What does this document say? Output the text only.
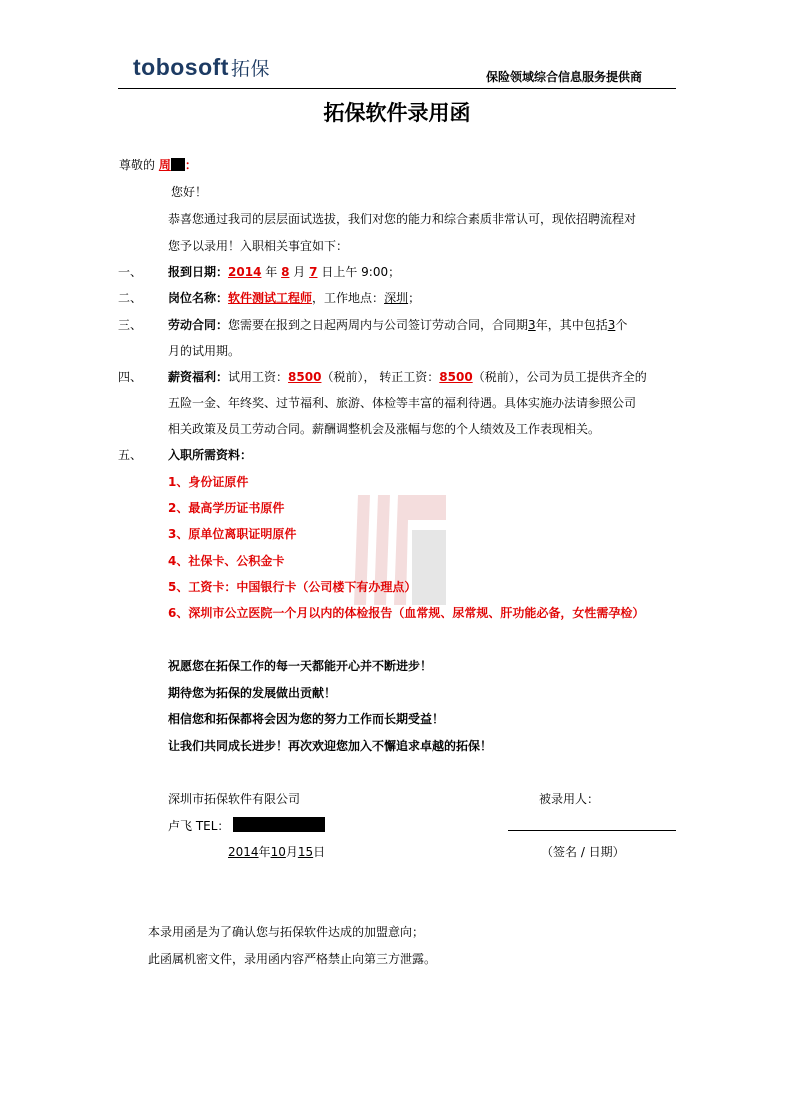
tobosoft 拓保	保险领域综合信息服务提供商
拓保软件录用函
尊敬的 周 ：
您好！
恭喜您通过我司的层层面试选拔，我们对您的能力和综合素质非常认可，现依招聘流程对
您予以录用！入职相关事宜如下：
一、 报到日期：2014 年 8 月 7 日上午 9:00；
二、 岗位名称：软件测试工程师，工作地点：深圳；
三、 劳动合同：您需要在报到之日起两周内与公司签订劳动合同，合同期3年，其中包括3个
月的试用期。
四、 薪资福利：试用工资：8500（税前）， 转正工资：8500（税前），公司为员工提供齐全的
五险一金、年终奖、过节福利、旅游、体检等丰富的福利待遇。具体实施办法请参照公司
相关政策及员工劳动合同。薪酬调整机会及涨幅与您的个人绩效及工作表现相关。
五、 入职所需资料：
1、身份证原件
2、最高学历证书原件
3、原单位离职证明原件
4、社保卡、公积金卡
5、工资卡：中国银行卡（公司楼下有办理点）
6、深圳市公立医院一个月以内的体检报告（血常规、尿常规、肝功能必备，女性需孕检）
祝愿您在拓保工作的每一天都能开心并不断进步！
期待您为拓保的发展做出贡献！
相信您和拓保都将会因为您的努力工作而长期受益！
让我们共同成长进步！再次欢迎您加入不懈追求卓越的拓保！
深圳市拓保软件有限公司	被录用人：
卢飞 TEL：
2014年10月15日	（签名 / 日期）
本录用函是为了确认您与拓保软件达成的加盟意向；
此函属机密文件，录用函内容严格禁止向第三方泄露。
